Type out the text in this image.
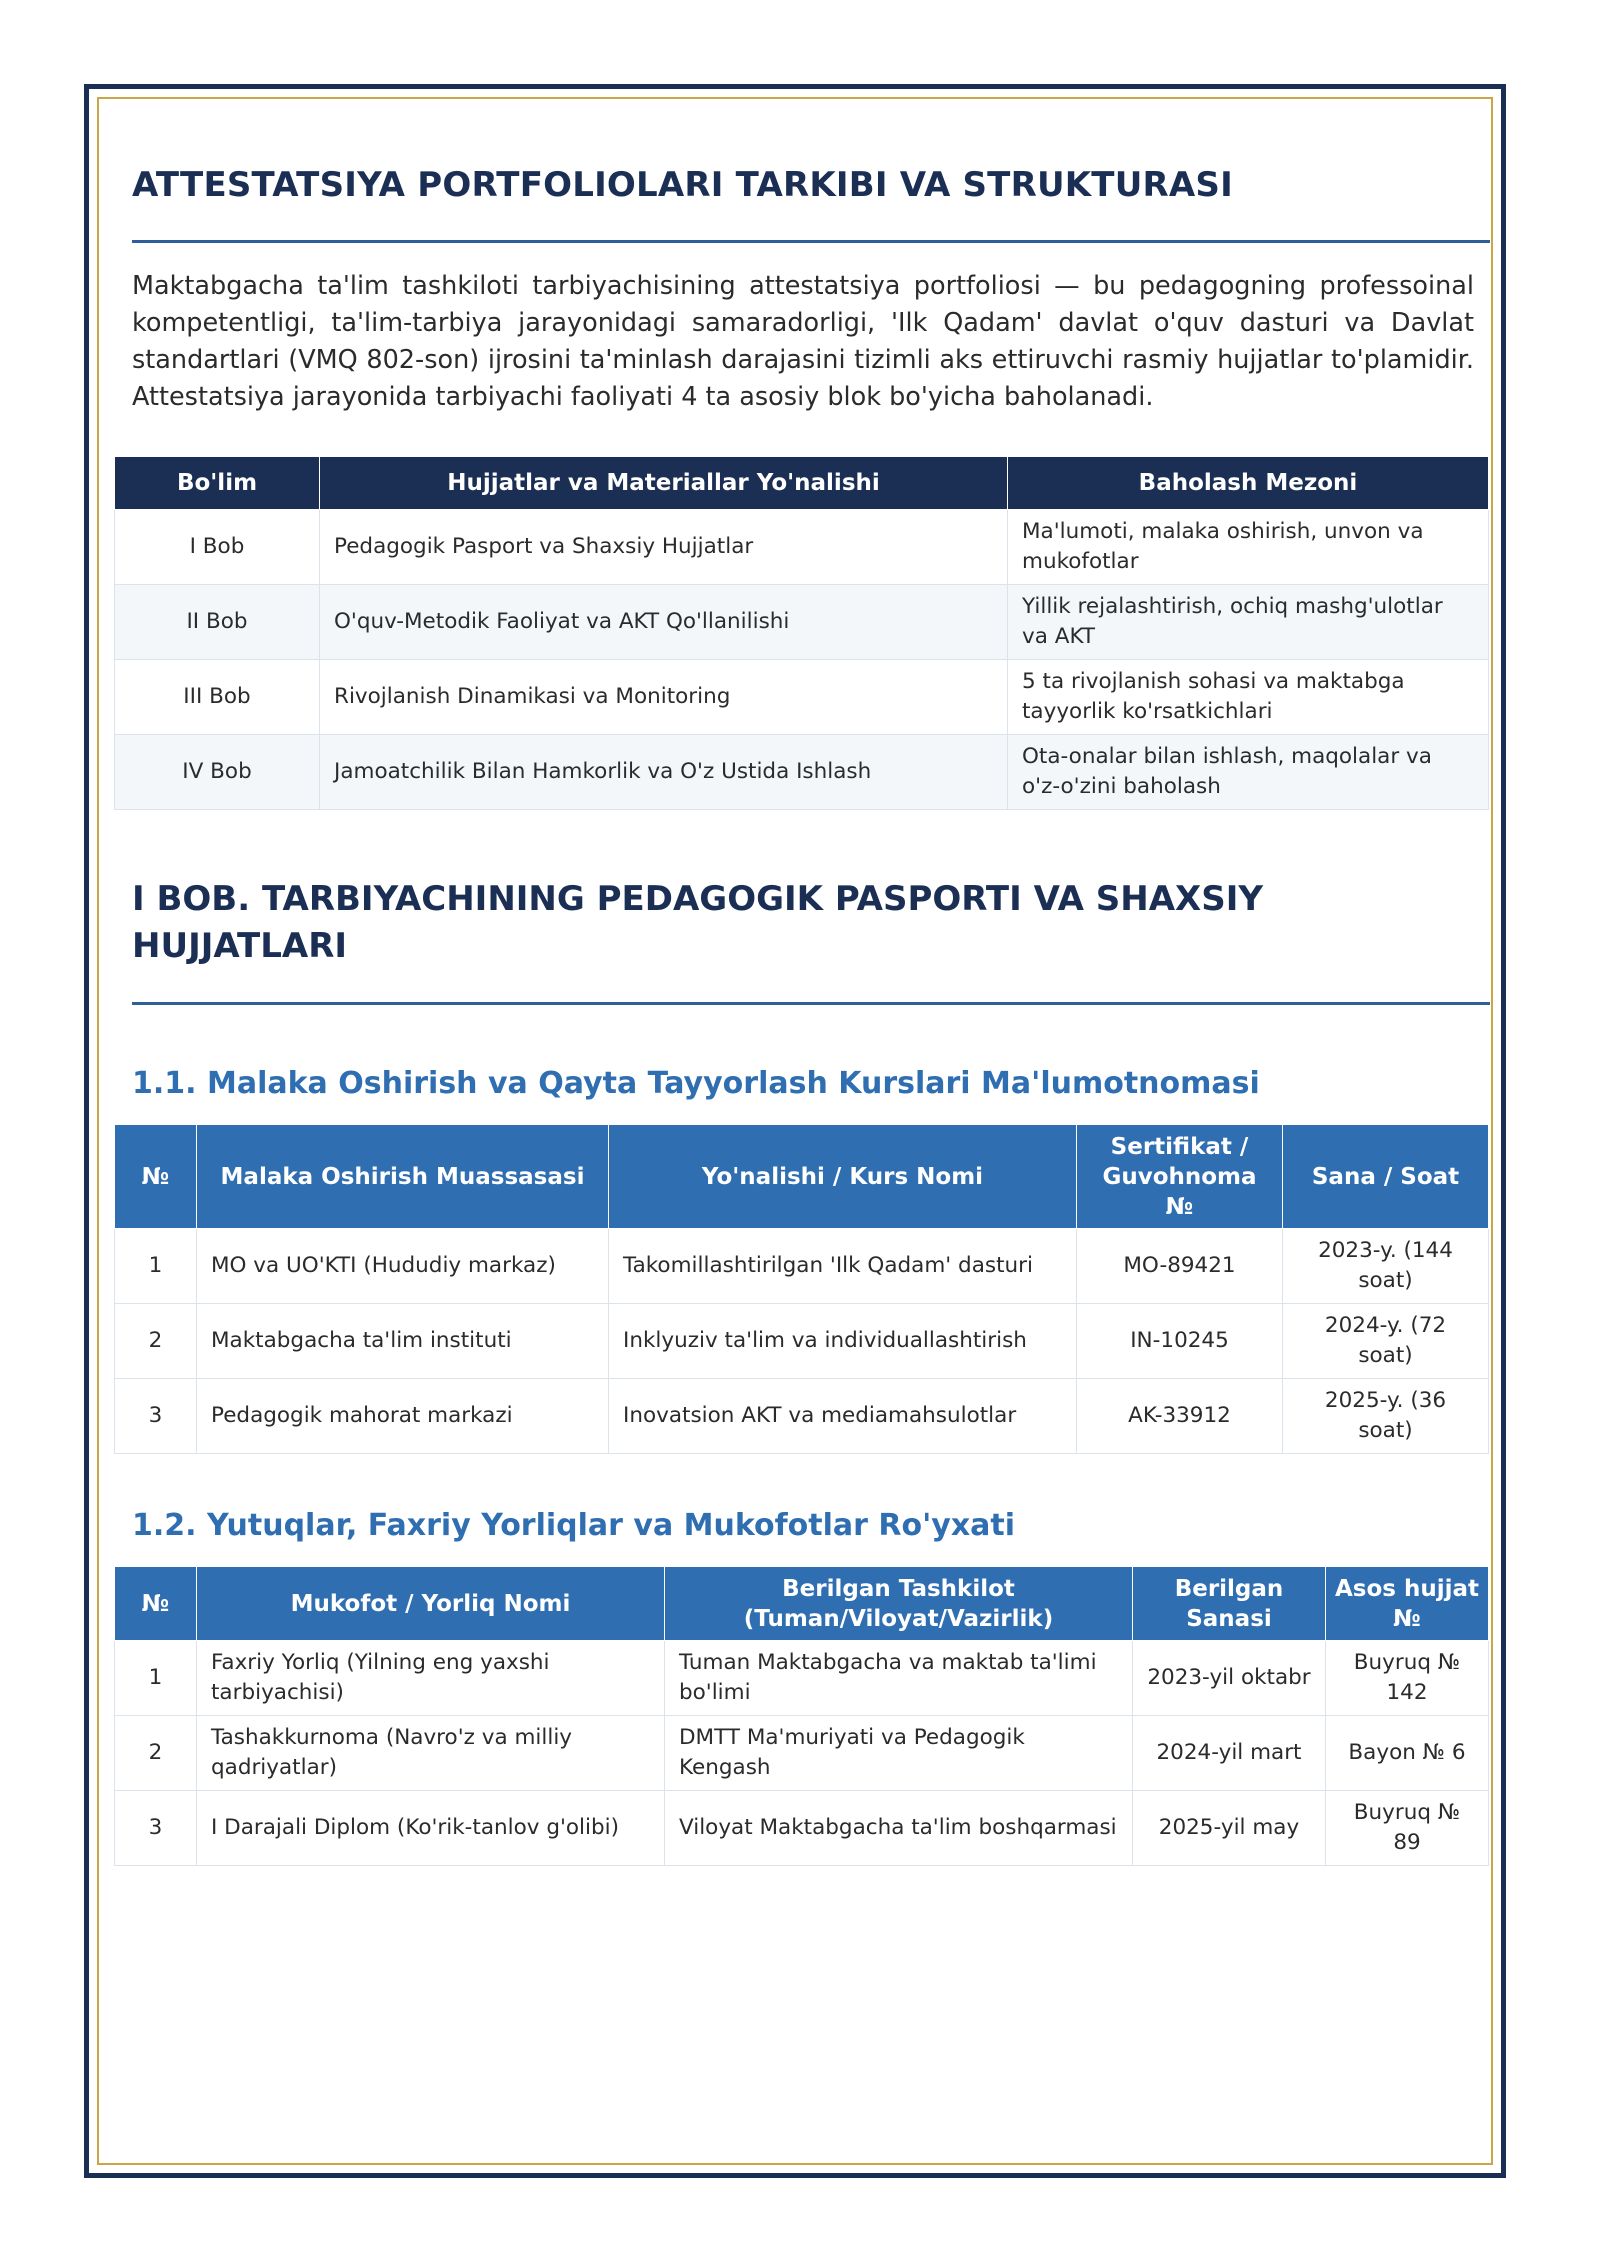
ATTESTATSIYA PORTFOLIOLARI TARKIBI VA STRUKTURASI

Maktabgacha ta'lim tashkiloti tarbiyachisining attestatsiya portfoliosi — bu pedagogning professoinal kompetentligi, ta'lim-tarbiya jarayonidagi samaradorligi, 'Ilk Qadam' davlat o'quv dasturi va Davlat standartlari (VMQ 802-son) ijrosini ta'minlash darajasini tizimli aks ettiruvchi rasmiy hujjatlar to'plamidir. Attestatsiya jarayonida tarbiyachi faoliyati 4 ta asosiy blok bo'yicha baholanadi.

Bo'lim	Hujjatlar va Materiallar Yo'nalishi	Baholash Mezoni
I Bob	Pedagogik Pasport va Shaxsiy Hujjatlar	Ma'lumoti, malaka oshirish, unvon va mukofotlar
II Bob	O'quv-Metodik Faoliyat va AKT Qo'llanilishi	Yillik rejalashtirish, ochiq mashg'ulotlar va AKT
III Bob	Rivojlanish Dinamikasi va Monitoring	5 ta rivojlanish sohasi va maktabga tayyorlik ko'rsatkichlari
IV Bob	Jamoatchilik Bilan Hamkorlik va O'z Ustida Ishlash	Ota-onalar bilan ishlash, maqolalar va o'z-o'zini baholash
I BOB. TARBIYACHINING PEDAGOGIK PASPORTI VA SHAXSIY HUJJATLARI
1.1. Malaka Oshirish va Qayta Tayyorlash Kurslari Ma'lumotnomasi
№	Malaka Oshirish Muassasasi	Yo'nalishi / Kurs Nomi	Sertifikat / Guvohnoma №	Sana / Soat
1	MO va UO'KTI (Hududiy markaz)	Takomillashtirilgan 'Ilk Qadam' dasturi	MO-89421	2023-y. (144 soat)
2	Maktabgacha ta'lim instituti	Inklyuziv ta'lim va individuallashtirish	IN-10245	2024-y. (72 soat)
3	Pedagogik mahorat markazi	Inovatsion AKT va mediamahsulotlar	AK-33912	2025-y. (36 soat)
1.2. Yutuqlar, Faxriy Yorliqlar va Mukofotlar Ro'yxati
№	Mukofot / Yorliq Nomi	Berilgan Tashkilot (Tuman/Viloyat/Vazirlik)	Berilgan Sanasi	Asos hujjat №
1	Faxriy Yorliq (Yilning eng yaxshi tarbiyachisi)	Tuman Maktabgacha va maktab ta'limi bo'limi	2023-yil oktabr	Buyruq № 142
2	Tashakkurnoma (Navro'z va milliy qadriyatlar)	DMTT Ma'muriyati va Pedagogik Kengash	2024-yil mart	Bayon № 6
3	I Darajali Diplom (Ko'rik-tanlov g'olibi)	Viloyat Maktabgacha ta'lim boshqarmasi	2025-yil may	Buyruq № 89
